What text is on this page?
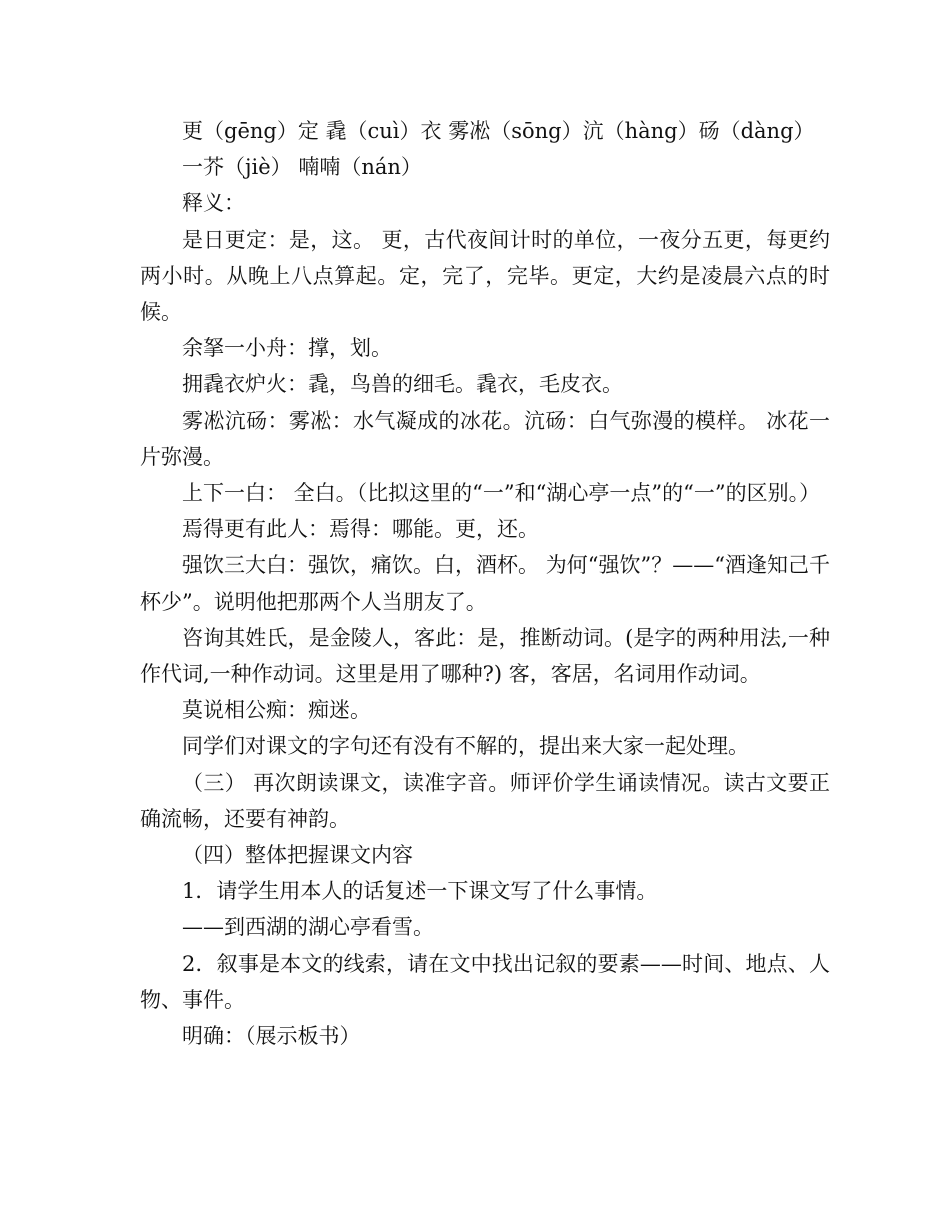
更（gēng）定 毳（cuì）衣 雾凇（sōng）沆（hàng）砀（dàng）

一芥（jiè） 喃喃（nán）

释义：

是日更定：是，这。 更，古代夜间计时的单位，一夜分五更，每更约两小时。从晚上八点算起。定，完了，完毕。更定，大约是凌晨六点的时候。

余拏一小舟：撑，划。

拥毳衣炉火：毳，鸟兽的细毛。毳衣，毛皮衣。

雾凇沆砀：雾凇：水气凝成的冰花。沆砀：白气弥漫的模样。 冰花一片弥漫。

上下一白： 全白。（比拟这里的“一”和“湖心亭一点”的“一”的区别。）

焉得更有此人：焉得：哪能。更，还。

强饮三大白：强饮，痛饮。白，酒杯。 为何“强饮”？——“酒逢知己千杯少”。说明他把那两个人当朋友了。

咨询其姓氏，是金陵人，客此：是，推断动词。(是字的两种用法,一种作代词,一种作动词。这里是用了哪种?) 客，客居，名词用作动词。

莫说相公痴：痴迷。

同学们对课文的字句还有没有不解的，提出来大家一起处理。

（三） 再次朗读课文，读准字音。师评价学生诵读情况。读古文要正确流畅，还要有神韵。

（四）整体把握课文内容

1．请学生用本人的话复述一下课文写了什么事情。

——到西湖的湖心亭看雪。

2．叙事是本文的线索，请在文中找出记叙的要素——时间、地点、人物、事件。

明确：（展示板书）
